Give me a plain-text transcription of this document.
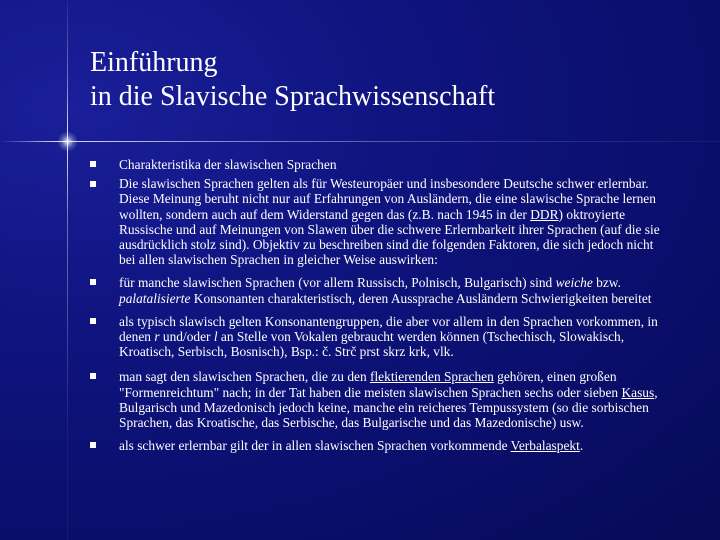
Einführung
in die Slavische Sprachwissenschaft
Charakteristika der slawischen Sprachen
Die slawischen Sprachen gelten als für Westeuropäer und insbesondere Deutsche schwer erlernbar. Diese Meinung beruht nicht nur auf Erfahrungen von Ausländern, die eine slawische Sprache lernen wollten, sondern auch auf dem Widerstand gegen das (z.B. nach 1945 in der DDR) oktroyierte Russische und auf Meinungen von Slawen über die schwere Erlernbarkeit ihrer Sprachen (auf die sie ausdrücklich stolz sind). Objektiv zu beschreiben sind die folgenden Faktoren, die sich jedoch nicht bei allen slawischen Sprachen in gleicher Weise auswirken:
für manche slawischen Sprachen (vor allem Russisch, Polnisch, Bulgarisch) sind weiche bzw. palatalisierte Konsonanten charakteristisch, deren Aussprache Ausländern Schwierigkeiten bereitet
als typisch slawisch gelten Konsonantengruppen, die aber vor allem in den Sprachen vorkommen, in denen r und/oder l an Stelle von Vokalen gebraucht werden können (Tschechisch, Slowakisch, Kroatisch, Serbisch, Bosnisch), Bsp.: č. Strč prst skrz krk, vlk.
man sagt den slawischen Sprachen, die zu den flektierenden Sprachen gehören, einen großen "Formenreichtum" nach; in der Tat haben die meisten slawischen Sprachen sechs oder sieben Kasus, Bulgarisch und Mazedonisch jedoch keine, manche ein reicheres Tempussystem (so die sorbischen Sprachen, das Kroatische, das Serbische, das Bulgarische und das Mazedonische) usw.
als schwer erlernbar gilt der in allen slawischen Sprachen vorkommende Verbalaspekt.
